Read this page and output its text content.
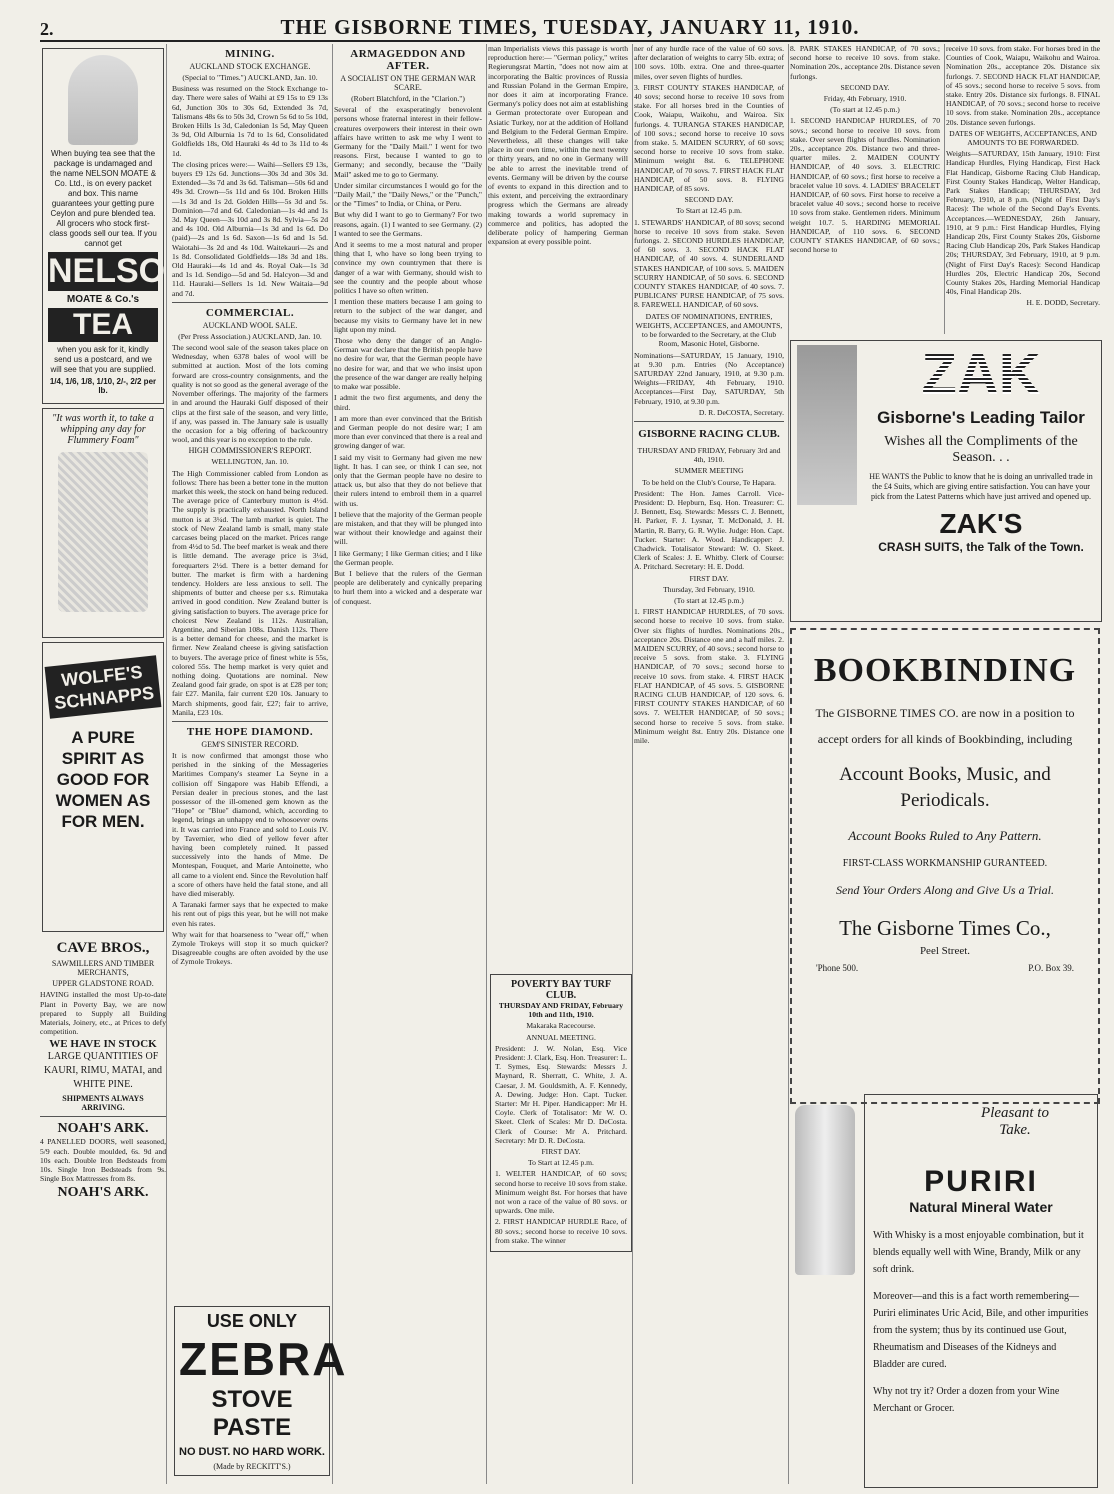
2.	THE GISBORNE TIMES, TUESDAY, JANUARY 11, 1910.

When buying tea see that the package is undamaged and the name NELSON MOATE & Co. Ltd., is on every packet and box. This name guarantees your getting pure Ceylon and pure blended tea. All grocers who stock first-class goods sell our tea. If you cannot get

NELSON
MOATE & Co.'s
TEA

when you ask for it, kindly send us a postcard, and we will see that you are supplied.

1/4, 1/6, 1/8, 1/10, 2/-, 2/2 per lb.

"It was worth it, to take a whipping any day for Flummery Foam"
WOLFE'S SCHNAPPS
A PURE SPIRIT AS GOOD FOR WOMEN AS FOR MEN.
CAVE BROS.,
SAWMILLERS AND TIMBER MERCHANTS,
UPPER GLADSTONE ROAD.

HAVING installed the most Up-to-date Plant in Poverty Bay, we are now prepared to Supply all Building Materials, Joinery, etc., at Prices to defy competition.

WE HAVE IN STOCK
LARGE QUANTITIES OF KAURI, RIMU, MATAI, and WHITE PINE.
SHIPMENTS ALWAYS ARRIVING.
NOAH'S ARK.

4 PANELLED DOORS, well seasoned, 5/9 each. Double moulded, 6s. 9d and 10s each. Double Iron Bedsteads from 10s. Single Iron Bedsteads from 9s. Single Box Mattresses from 8s.

NOAH'S ARK.
MINING.
AUCKLAND STOCK EXCHANGE.

(Special to "Times.") AUCKLAND, Jan. 10.

Business was resumed on the Stock Exchange to-day. There were sales of Waihi at £9 15s to £9 13s 6d, Junction 30s to 30s 6d, Extended 3s 7d, Talismans 48s 6s to 50s 3d, Crown 5s 6d to 5s 10d, Broken Hills 1s 3d, Caledonian 1s 5d, May Queen 3s 9d, Old Alburnia 1s 7d to 1s 6d, Consolidated Goldfields 18s, Old Hauraki 4s 4d to 3s 11d to 4s 1d.

The closing prices were:— Waihi—Sellers £9 13s, buyers £9 12s 6d. Junctions—30s 3d and 30s 3d. Extended—3s 7d and 3s 6d. Talisman—50s 6d and 49s 3d. Crown—5s 11d and 6s 10d. Broken Hills—1s 3d and 1s 2d. Golden Hills—5s 3d and 5s. Dominion—7d and 6d. Caledonian—1s 4d and 1s 3d. May Queen—3s 10d and 3s 8d. Sylvia—5s 2d and 4s 10d. Old Alburnia—1s 3d and 1s 6d. Do (paid)—2s and 1s 6d. Saxon—1s 6d and 1s 5d. Waiotahi—3s 2d and 4s 10d. Waitekauri—2s and 1s 8d. Consolidated Goldfields—18s 3d and 18s. Old Hauraki—4s 1d and 4s. Royal Oak—1s 3d and 1s 1d. Sendigo—5d and 5d. Halcyon—3d and 11d. Hauraki—Sellers 1s 1d. New Waitaia—9d and 7d.

COMMERCIAL.
AUCKLAND WOOL SALE.

(Per Press Association.) AUCKLAND, Jan. 10.

The second wool sale of the season takes place on Wednesday, when 6378 bales of wool will be submitted at auction. Most of the lots coming forward are cross-country consignments, and the quality is not so good as the general average of the November offerings. The majority of the farmers in and around the Hauraki Gulf disposed of their clips at the first sale of the season, and very little, if any, was passed in. The January sale is usually the occasion for a big offering of backcountry wool, and this year is no exception to the rule.

HIGH COMMISSIONER'S REPORT.

WELLINGTON, Jan. 10.

The High Commissioner cabled from London as follows: There has been a better tone in the mutton market this week, the stock on hand being reduced. The average price of Canterbury mutton is 4½d. The supply is practically exhausted. North Island mutton is at 3¼d. The lamb market is quiet. The stock of New Zealand lamb is small, many stale carcases being placed on the market. Prices range from 4½d to 5d. The beef market is weak and there is little demand. The average price is 3¼d, forequarters 2½d. There is a better demand for butter. The market is firm with a hardening tendency. Holders are less anxious to sell. The shipments of butter and cheese per s.s. Rimutaka arrived in good condition. New Zealand butter is giving satisfaction to buyers. The average price for choicest New Zealand is 112s. Australian, Argentine, and Siberian 108s. Danish 112s. There is a better demand for cheese, and the market is firmer. New Zealand cheese is giving satisfaction to buyers. The average price of finest white is 55s, colored 55s. The hemp market is very quiet and nothing doing. Quotations are nominal. New Zealand good fair grade, on spot is at £28 per ton; fair £27. Manila, fair current £20 10s. January to March shipments, good fair, £27; fair to arrive, Manila, £23 10s.

THE HOPE DIAMOND.
GEM'S SINISTER RECORD.

It is now confirmed that amongst those who perished in the sinking of the Messageries Maritimes Company's steamer La Seyne in a collision off Singapore was Habib Effendi, a Persian dealer in precious stones, and the last possessor of the ill-omened gem known as the "Hope" or "Blue" diamond, which, according to legend, brings an unhappy end to whosoever owns it. It was carried into France and sold to Louis IV. by Tavernier, who died of yellow fever after having been completely ruined. It passed successively into the hands of Mme. De Montespan, Fouquet, and Marie Antoinette, who all came to a violent end. Since the Revolution half a score of others have held the fatal stone, and all have died miserably.

A Taranaki farmer says that he expected to make his rent out of pigs this year, but he will not make even his rates.

Why wait for that hoarseness to "wear off," when Zymole Trokeys will stop it so much quicker? Disagreeable coughs are often avoided by the use of Zymole Trokeys.

USE ONLY
ZEBRA
STOVE PASTE
NO DUST. NO HARD WORK.
(Made by RECKITT'S.)
ARMAGEDDON AND AFTER.
A SOCIALIST ON THE GERMAN WAR SCARE.

(Robert Blatchford, in the "Clarion.")

Several of the exasperatingly benevolent persons whose fraternal interest in their fellow-creatures overpowers their interest in their own affairs have written to ask me why I went to Germany for the "Daily Mail." I went for two reasons. First, because I wanted to go to Germany; and secondly, because the "Daily Mail" asked me to go to Germany.

Under similar circumstances I would go for the "Daily Mail," the "Daily News," or the "Punch," or the "Times" to India, or China, or Peru.

But why did I want to go to Germany? For two reasons, again. (1) I wanted to see Germany. (2) I wanted to see the Germans.

And it seems to me a most natural and proper thing that I, who have so long been trying to convince my own countrymen that there is danger of a war with Germany, should wish to see the country and the people about whose politics I have so often written.

I mention these matters because I am going to return to the subject of the war danger, and because my visits to Germany have let in new light upon my mind.

Those who deny the danger of an Anglo-German war declare that the British people have no desire for war, that the German people have no desire for war, and that we who insist upon the presence of the war danger are really helping to make war possible.

I admit the two first arguments, and deny the third.

I am more than ever convinced that the British and German people do not desire war; I am more than ever convinced that there is a real and growing danger of war.

I said my visit to Germany had given me new light. It has. I can see, or think I can see, not only that the German people have no desire to attack us, but also that they do not believe that their rulers intend to embroil them in a quarrel with us.

I believe that the majority of the German people are mistaken, and that they will be plunged into war without their knowledge and against their will.

I like Germany; I like German cities; and I like the German people.

But I believe that the rulers of the German people are deliberately and cynically preparing to hurl them into a wicked and a desperate war of conquest.

man Imperialists views this passage is worth reproduction here:— "German policy," writes Regierungsrat Martin, "does not now aim at incorporating the Baltic provinces of Russia and Russian Poland in the German Empire, nor does it aim at incorporating France. Germany's policy does not aim at establishing a German protectorate over European and Asiatic Turkey, nor at the addition of Holland and Belgium to the Federal German Empire. Nevertheless, all these changes will take place in our own time, within the next twenty or thirty years, and no one in Germany will be able to arrest the inevitable trend of events. Germany will be driven by the course of events to expand in this direction and to this extent, and perceiving the extraordinary progress which the Germans are already making towards a world supremacy in commerce and politics, has adopted the deliberate policy of hampering German expansion at every possible point.

POVERTY BAY TURF CLUB.

THURSDAY AND FRIDAY, February 10th and 11th, 1910.

Makaraka Racecourse.

ANNUAL MEETING.

President: J. W. Nolan, Esq. Vice President: J. Clark, Esq. Hon. Treasurer: L. T. Symes, Esq. Stewards: Messrs J. Maynard, R. Sherratt, C. White, J. A. Caesar, J. M. Gouldsmith, A. F. Kennedy, A. Dewing. Judge: Hon. Capt. Tucker. Starter: Mr H. Piper. Handicapper: Mr H. Coyle. Clerk of Totalisator: Mr W. O. Skeet. Clerk of Scales: Mr D. DeCosta. Clerk of Course: Mr A. Pritchard. Secretary: Mr D. R. DeCosta.

FIRST DAY.

To Start at 12.45 p.m.

1. WELTER HANDICAP, of 60 sovs; second horse to receive 10 sovs from stake. Minimum weight 8st. For horses that have not won a race of the value of 80 sovs. or upwards. One mile.

2. FIRST HANDICAP HURDLE Race, of 80 sovs.; second horse to receive 10 sovs. from stake. The winner

ner of any hurdle race of the value of 60 sovs. after declaration of weights to carry 5lb. extra; of 100 sovs. 10lb. extra. One and three-quarter miles, over seven flights of hurdles.

3. FIRST COUNTY STAKES HANDICAP, of 40 sovs; second horse to receive 10 sovs from stake. For all horses bred in the Counties of Cook, Waiapu, Waikohu, and Wairoa. Six furlongs. 4. TURANGA STAKES HANDICAP, of 100 sovs.; second horse to receive 10 sovs from stake. 5. MAIDEN SCURRY, of 60 sovs; second horse to receive 10 sovs from stake. Minimum weight 8st. 6. TELEPHONE HANDICAP, of 70 sovs. 7. FIRST HACK FLAT HANDICAP, of 50 sovs. 8. FLYING HANDICAP, of 85 sovs.

SECOND DAY.

To Start at 12.45 p.m.

1. STEWARDS' HANDICAP, of 80 sovs; second horse to receive 10 sovs from stake. Seven furlongs. 2. SECOND HURDLES HANDICAP, of 60 sovs. 3. SECOND HACK FLAT HANDICAP, of 40 sovs. 4. SUNDERLAND STAKES HANDICAP, of 100 sovs. 5. MAIDEN SCURRY HANDICAP, of 50 sovs. 6. SECOND COUNTY STAKES HANDICAP, of 40 sovs. 7. PUBLICANS' PURSE HANDICAP, of 75 sovs. 8. FAREWELL HANDICAP, of 60 sovs.

DATES OF NOMINATIONS, ENTRIES, WEIGHTS, ACCEPTANCES, and AMOUNTS, to be forwarded to the Secretary, at the Club Room, Masonic Hotel, Gisborne.

Nominations—SATURDAY, 15 January, 1910, at 9.30 p.m. Entries (No Acceptance) SATURDAY 22nd January, 1910, at 9.30 p.m. Weights—FRIDAY, 4th February, 1910. Acceptances—First Day, SATURDAY, 5th February, 1910, at 9.30 p.m.

D. R. DeCOSTA, Secretary.

GISBORNE RACING CLUB.

THURSDAY AND FRIDAY, February 3rd and 4th, 1910.

SUMMER MEETING

To be held on the Club's Course, Te Hapara.

President: The Hon. James Carroll. Vice-President: D. Hepburn, Esq. Hon. Treasurer: C. J. Bennett, Esq. Stewards: Messrs C. J. Bennett, H. Parker, F. J. Lysnar, T. McDonald, J. H. Martin, R. Barry, G. R. Wylie. Judge: Hon. Capt. Tucker. Starter: A. Wood. Handicapper: J. Chadwick. Totalisator Steward: W. O. Skeet. Clerk of Scales: J. E. Whitby. Clerk of Course: A. Pritchard. Secretary: H. E. Dodd.

FIRST DAY.

Thursday, 3rd February, 1910.

(To start at 12.45 p.m.)

1. FIRST HANDICAP HURDLES, of 70 sovs. second horse to receive 10 sovs. from stake. Over six flights of hurdles. Nominations 20s., acceptance 20s. Distance one and a half miles. 2. MAIDEN SCURRY, of 40 sovs.; second horse to receive 5 sovs. from stake. 3. FLYING HANDICAP, of 70 sovs.; second horse to receive 10 sovs. from stake. 4. FIRST HACK FLAT HANDICAP, of 45 sovs. 5. GISBORNE RACING CLUB HANDICAP, of 120 sovs. 6. FIRST COUNTY STAKES HANDICAP, of 60 sovs. 7. WELTER HANDICAP, of 50 sovs.; second horse to receive 5 sovs. from stake. Minimum weight 8st. Entry 20s. Distance one mile.

8. PARK STAKES HANDICAP, of 70 sovs.; second horse to receive 10 sovs. from stake. Nomination 20s., acceptance 20s. Distance seven furlongs.

SECOND DAY.

Friday, 4th February, 1910.

(To start at 12.45 p.m.)

1. SECOND HANDICAP HURDLES, of 70 sovs.; second horse to receive 10 sovs. from stake. Over seven flights of hurdles. Nomination 20s., acceptance 20s. Distance two and three-quarter miles. 2. MAIDEN COUNTY HANDICAP, of 40 sovs. 3. ELECTRIC HANDICAP, of 60 sovs.; first horse to receive a bracelet value 10 sovs. 4. LADIES' BRACELET HANDICAP, of 60 sovs. First horse to receive a bracelet value 40 sovs.; second horse to receive 10 sovs from stake. Gentlemen riders. Minimum weight 10.7. 5. HARDING MEMORIAL HANDICAP, of 110 sovs. 6. SECOND COUNTY STAKES HANDICAP, of 60 sovs.; second horse to

receive 10 sovs. from stake. For horses bred in the Counties of Cook, Waiapu, Waikohu and Wairoa. Nomination 20s., acceptance 20s. Distance six furlongs. 7. SECOND HACK FLAT HANDICAP, of 45 sovs.; second horse to receive 5 sovs. from stake. Entry 20s. Distance six furlongs. 8. FINAL HANDICAP, of 70 sovs.; second horse to receive 10 sovs. from stake. Nomination 20s., acceptance 20s. Distance seven furlongs.

DATES OF WEIGHTS, ACCEPTANCES, AND AMOUNTS TO BE FORWARDED.

Weights—SATURDAY, 15th January, 1910: First Handicap Hurdles, Flying Handicap, First Hack Flat Handicap, Gisborne Racing Club Handicap, First County Stakes Handicap, Welter Handicap, Park Stakes Handicap; THURSDAY, 3rd February, 1910, at 8 p.m. (Night of First Day's Races): The whole of the Second Day's Events. Acceptances.—WEDNESDAY, 26th January, 1910, at 9 p.m.: First Handicap Hurdles, Flying Handicap 20s, First County Stakes 20s, Gisborne Racing Club Handicap 20s, Park Stakes Handicap 20s; THURSDAY, 3rd February, 1910, at 9 p.m. (Night of First Day's Races): Second Handicap Hurdles 20s, Electric Handicap 20s, Second County Stakes 20s, Harding Memorial Handicap 40s, Final Handicap 20s.

H. E. DODD, Secretary.

ZAK
Gisborne's Leading Tailor
Wishes all the Compliments of the Season. . .

HE WANTS the Public to know that he is doing an unrivalled trade in the £4 Suits, which are giving entire satisfaction. You can have your pick from the Latest Patterns which have just arrived and opened up.

ZAK'S
CRASH SUITS, the Talk of the Town.
BOOKBINDING

The GISBORNE TIMES CO. are now in a position to accept orders for all kinds of Bookbinding, including

Account Books, Music, and Periodicals.

Account Books Ruled to Any Pattern.

FIRST-CLASS WORKMANSHIP GURANTEED.

Send Your Orders Along and Give Us a Trial.

The Gisborne Times Co.,
Peel Street.
'Phone 500.	P.O. Box 39.
Pleasant to Take.
PURIRI
Natural Mineral Water

With Whisky is a most enjoyable combination, but it blends equally well with Wine, Brandy, Milk or any soft drink.

Moreover—and this is a fact worth remembering—Puriri eliminates Uric Acid, Bile, and other impurities from the system; thus by its continued use Gout, Rheumatism and Diseases of the Kidneys and Bladder are cured.

Why not try it? Order a dozen from your Wine Merchant or Grocer.
